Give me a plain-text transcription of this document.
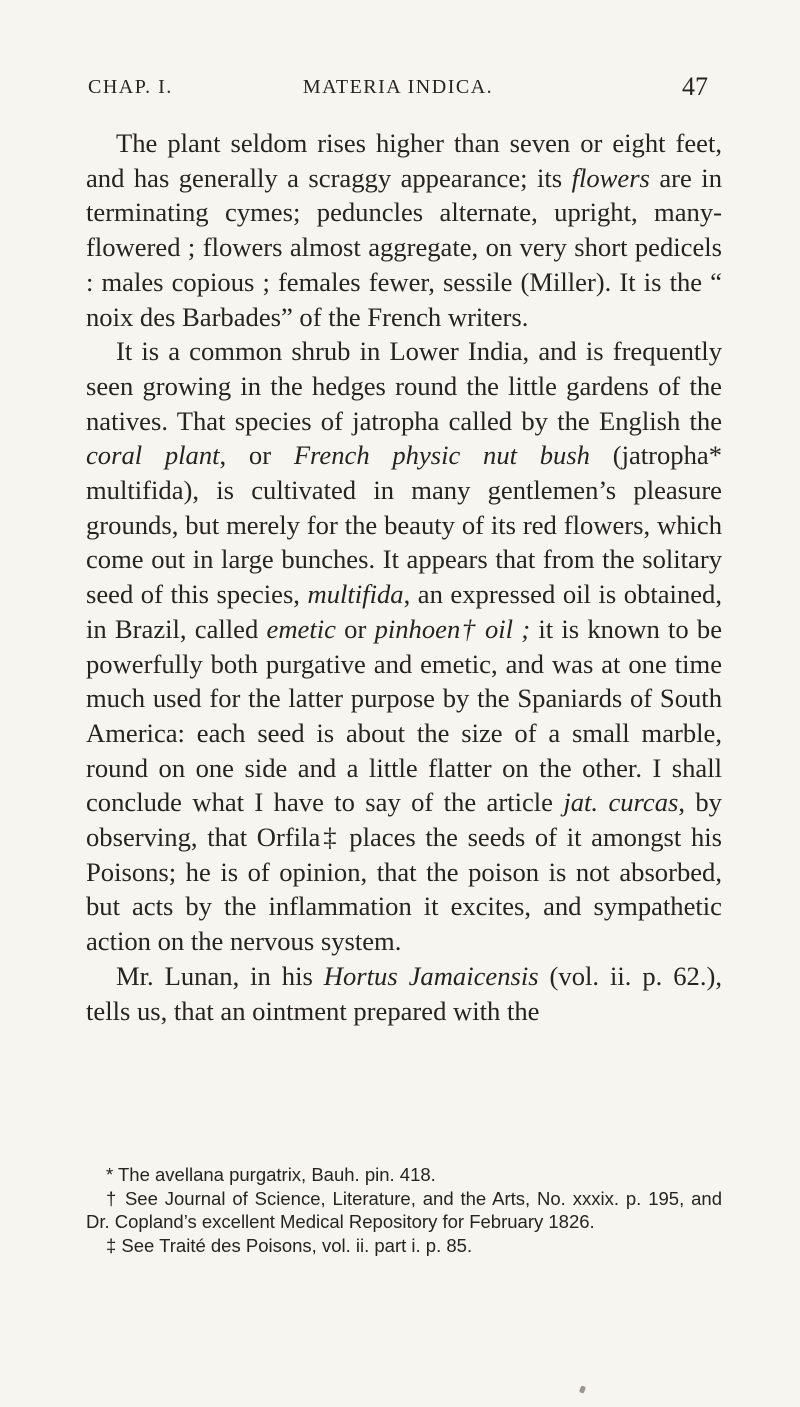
CHAP. I.	MATERIA INDICA.	47

The plant seldom rises higher than seven or eight feet, and has generally a scraggy appearance; its flowers are in terminating cymes; peduncles alternate, upright, many-flowered ; flowers almost aggregate, on very short pedicels : males copious ; females fewer, sessile (Miller). It is the “ noix des Barbades” of the French writers.

It is a common shrub in Lower India, and is frequently seen growing in the hedges round the little gardens of the natives. That species of jatropha called by the English the coral plant, or French physic nut bush (jatropha* multifida), is cultivated in many gentlemen’s pleasure grounds, but merely for the beauty of its red flowers, which come out in large bunches. It appears that from the solitary seed of this species, multifida, an expressed oil is obtained, in Brazil, called emetic or pinhoen† oil ; it is known to be powerfully both purgative and emetic, and was at one time much used for the latter purpose by the Spaniards of South America: each seed is about the size of a small marble, round on one side and a little flatter on the other. I shall conclude what I have to say of the article jat. curcas, by observing, that Orfila‡ places the seeds of it amongst his Poisons; he is of opinion, that the poison is not absorbed, but acts by the inflammation it excites, and sympathetic action on the nervous system.

Mr. Lunan, in his Hortus Jamaicensis (vol. ii. p. 62.), tells us, that an ointment prepared with the

* The avellana purgatrix, Bauh. pin. 418.

† See Journal of Science, Literature, and the Arts, No. xxxix. p. 195, and Dr. Copland’s excellent Medical Repository for February 1826.

‡ See Traité des Poisons, vol. ii. part i. p. 85.
